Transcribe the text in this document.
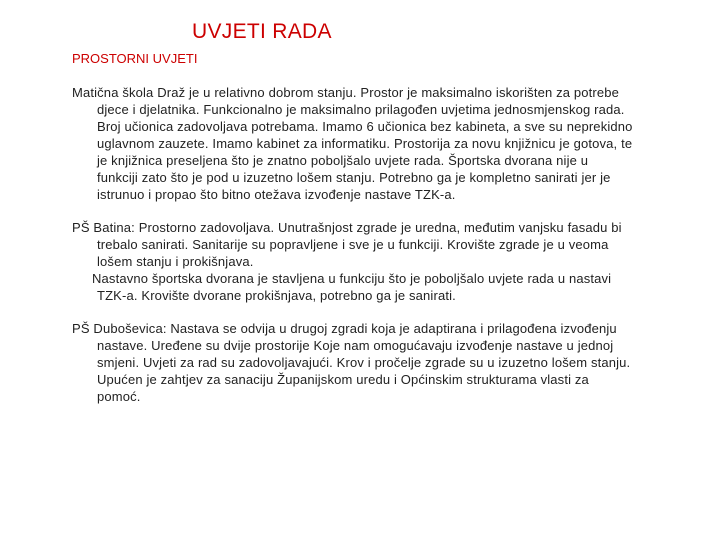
UVJETI RADA
PROSTORNI UVJETI
Matična škola Draž je u relativno dobrom stanju. Prostor je maksimalno iskorišten za potrebe
djece i djelatnika. Funkcionalno je maksimalno prilagođen uvjetima jednosmjenskog rada.
Broj učionica zadovoljava potrebama. Imamo 6 učionica bez kabineta, a sve su neprekidno
uglavnom zauzete. Imamo kabinet za informatiku. Prostorija za novu knjižnicu je gotova, te
je knjižnica preseljena što je znatno poboljšalo uvjete rada. Športska dvorana nije u
funkciji zato što je pod u izuzetno lošem stanju. Potrebno ga je kompletno sanirati jer je
istrunuo i propao što bitno otežava izvođenje nastave TZK-a.
PŠ Batina: Prostorno zadovoljava. Unutrašnjost zgrade je uredna, međutim vanjsku fasadu bi
trebalo sanirati. Sanitarije su popravljene i sve je u funkciji. Krovište zgrade je u veoma
lošem stanju i prokišnjava.
Nastavno športska dvorana je stavljena u funkciju što je poboljšalo uvjete rada u nastavi
TZK-a. Krovište dvorane prokišnjava, potrebno ga je sanirati.
PŠ Duboševica: Nastava se odvija u drugoj zgradi koja je adaptirana i prilagođena izvođenju
nastave. Uređene su dvije prostorije Koje nam omogućavaju izvođenje nastave u jednoj
smjeni. Uvjeti za rad su zadovoljavajući. Krov i pročelje zgrade su u izuzetno lošem stanju.
Upućen je zahtjev za sanaciju Županijskom uredu i Općinskim strukturama vlasti za
pomoć.
